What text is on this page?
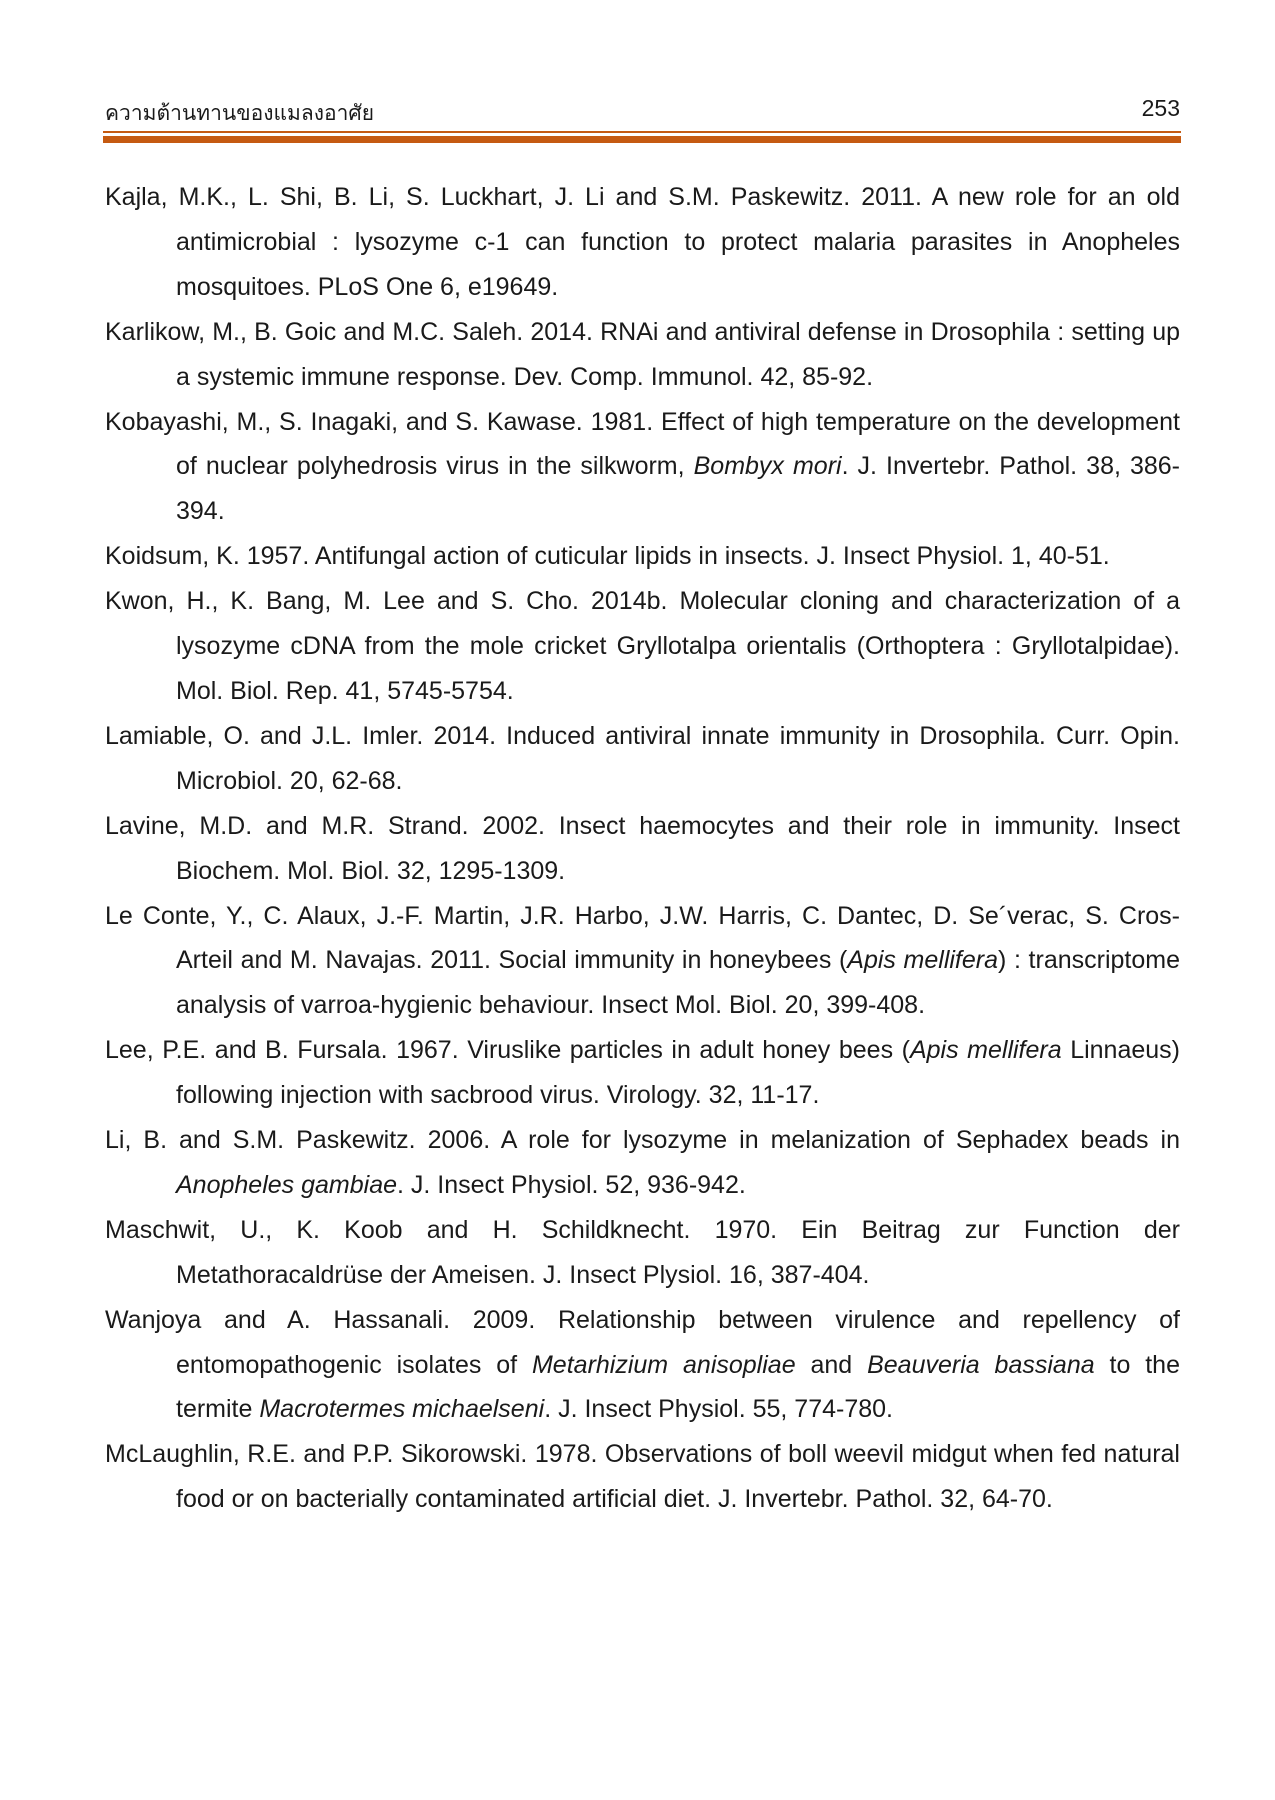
ความต้านทานของแมลงอาศัย	253

Kajla, M.K., L. Shi, B. Li, S. Luckhart, J. Li and S.M. Paskewitz. 2011. A new role for an old antimicrobial : lysozyme c-1 can function to protect malaria parasites in Anopheles mosquitoes. PLoS One 6, e19649.

Karlikow, M., B. Goic and M.C. Saleh. 2014. RNAi and antiviral defense in Drosophila : setting up a systemic immune response. Dev. Comp. Immunol. 42, 85-92.

Kobayashi, M., S. Inagaki, and S. Kawase. 1981. Effect of high temperature on the development of nuclear polyhedrosis virus in the silkworm, Bombyx mori. J. Invertebr. Pathol. 38, 386-394.

Koidsum, K. 1957. Antifungal action of cuticular lipids in insects. J. Insect Physiol. 1, 40-51.

Kwon, H., K. Bang, M. Lee and S. Cho. 2014b. Molecular cloning and characterization of a lysozyme cDNA from the mole cricket Gryllotalpa orientalis (Orthoptera : Gryllotalpidae). Mol. Biol. Rep. 41, 5745-5754.

Lamiable, O. and J.L. Imler. 2014. Induced antiviral innate immunity in Drosophila. Curr. Opin. Microbiol. 20, 62-68.

Lavine, M.D. and M.R. Strand. 2002. Insect haemocytes and their role in immunity. Insect Biochem. Mol. Biol. 32, 1295-1309.

Le Conte, Y., C. Alaux, J.-F. Martin, J.R. Harbo, J.W. Harris, C. Dantec, D. Se´verac, S. Cros-Arteil and M. Navajas. 2011. Social immunity in honeybees (Apis mellifera) : transcriptome analysis of varroa-hygienic behaviour. Insect Mol. Biol. 20, 399-408.

Lee, P.E. and B. Fursala. 1967. Viruslike particles in adult honey bees (Apis mellifera Linnaeus) following injection with sacbrood virus. Virology. 32, 11-17.

Li, B. and S.M. Paskewitz. 2006. A role for lysozyme in melanization of Sephadex beads in Anopheles gambiae. J. Insect Physiol. 52, 936-942.

Maschwit, U., K. Koob and H. Schildknecht. 1970. Ein Beitrag zur Function der Metathoracaldrüse der Ameisen. J. Insect Plysiol. 16, 387-404.

Wanjoya and A. Hassanali. 2009. Relationship between virulence and repellency of entomopathogenic isolates of Metarhizium anisopliae and Beauveria bassiana to the termite Macrotermes michaelseni. J. Insect Physiol. 55, 774-780.

McLaughlin, R.E. and P.P. Sikorowski. 1978. Observations of boll weevil midgut when fed natural food or on bacterially contaminated artificial diet. J. Invertebr. Pathol. 32, 64-70.
